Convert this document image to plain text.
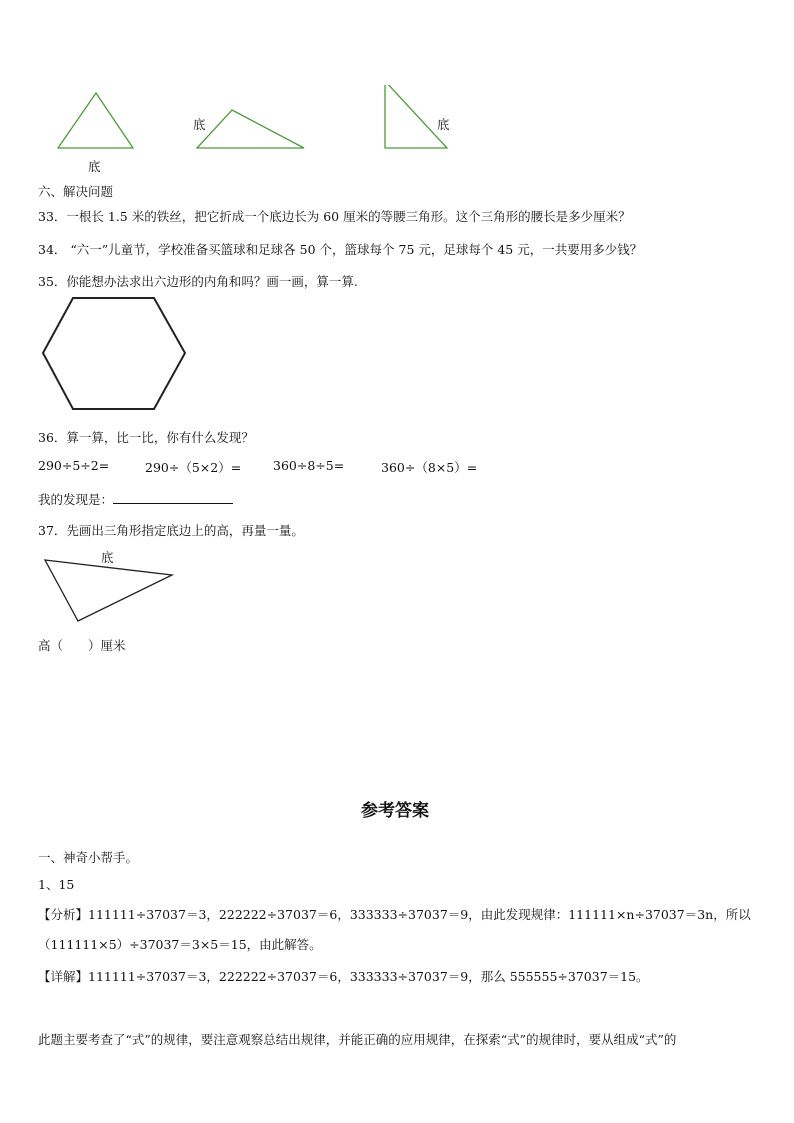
底
底	底
六、解决问题
33．一根长 1.5 米的铁丝，把它折成一个底边长为 60 厘米的等腰三角形。这个三角形的腰长是多少厘米？
34． “六一”儿童节，学校准备买篮球和足球各 50 个，篮球每个 75 元，足球每个 45 元，一共要用多少钱？
35．你能想办法求出六边形的内角和吗？画一画，算一算.
36．算一算，比一比，你有什么发现？
290÷5÷2=	290÷（5×2）=	360÷8÷5=	360÷（8×5）=
我的发现是：
37．先画出三角形指定底边上的高，再量一量。
底
高（　　）厘米
参考答案
一、神奇小帮手。
1、15
【分析】111111÷37037＝3，222222÷37037＝6，333333÷37037＝9，由此发现规律：111111×n÷37037＝3n，所以
（111111×5）÷37037＝3×5＝15，由此解答。
【详解】111111÷37037＝3，222222÷37037＝6，333333÷37037＝9，那么 555555÷37037＝15。
此题主要考查了“式”的规律，要注意观察总结出规律，并能正确的应用规律，在探索“式”的规律时，要从组成“式”的
